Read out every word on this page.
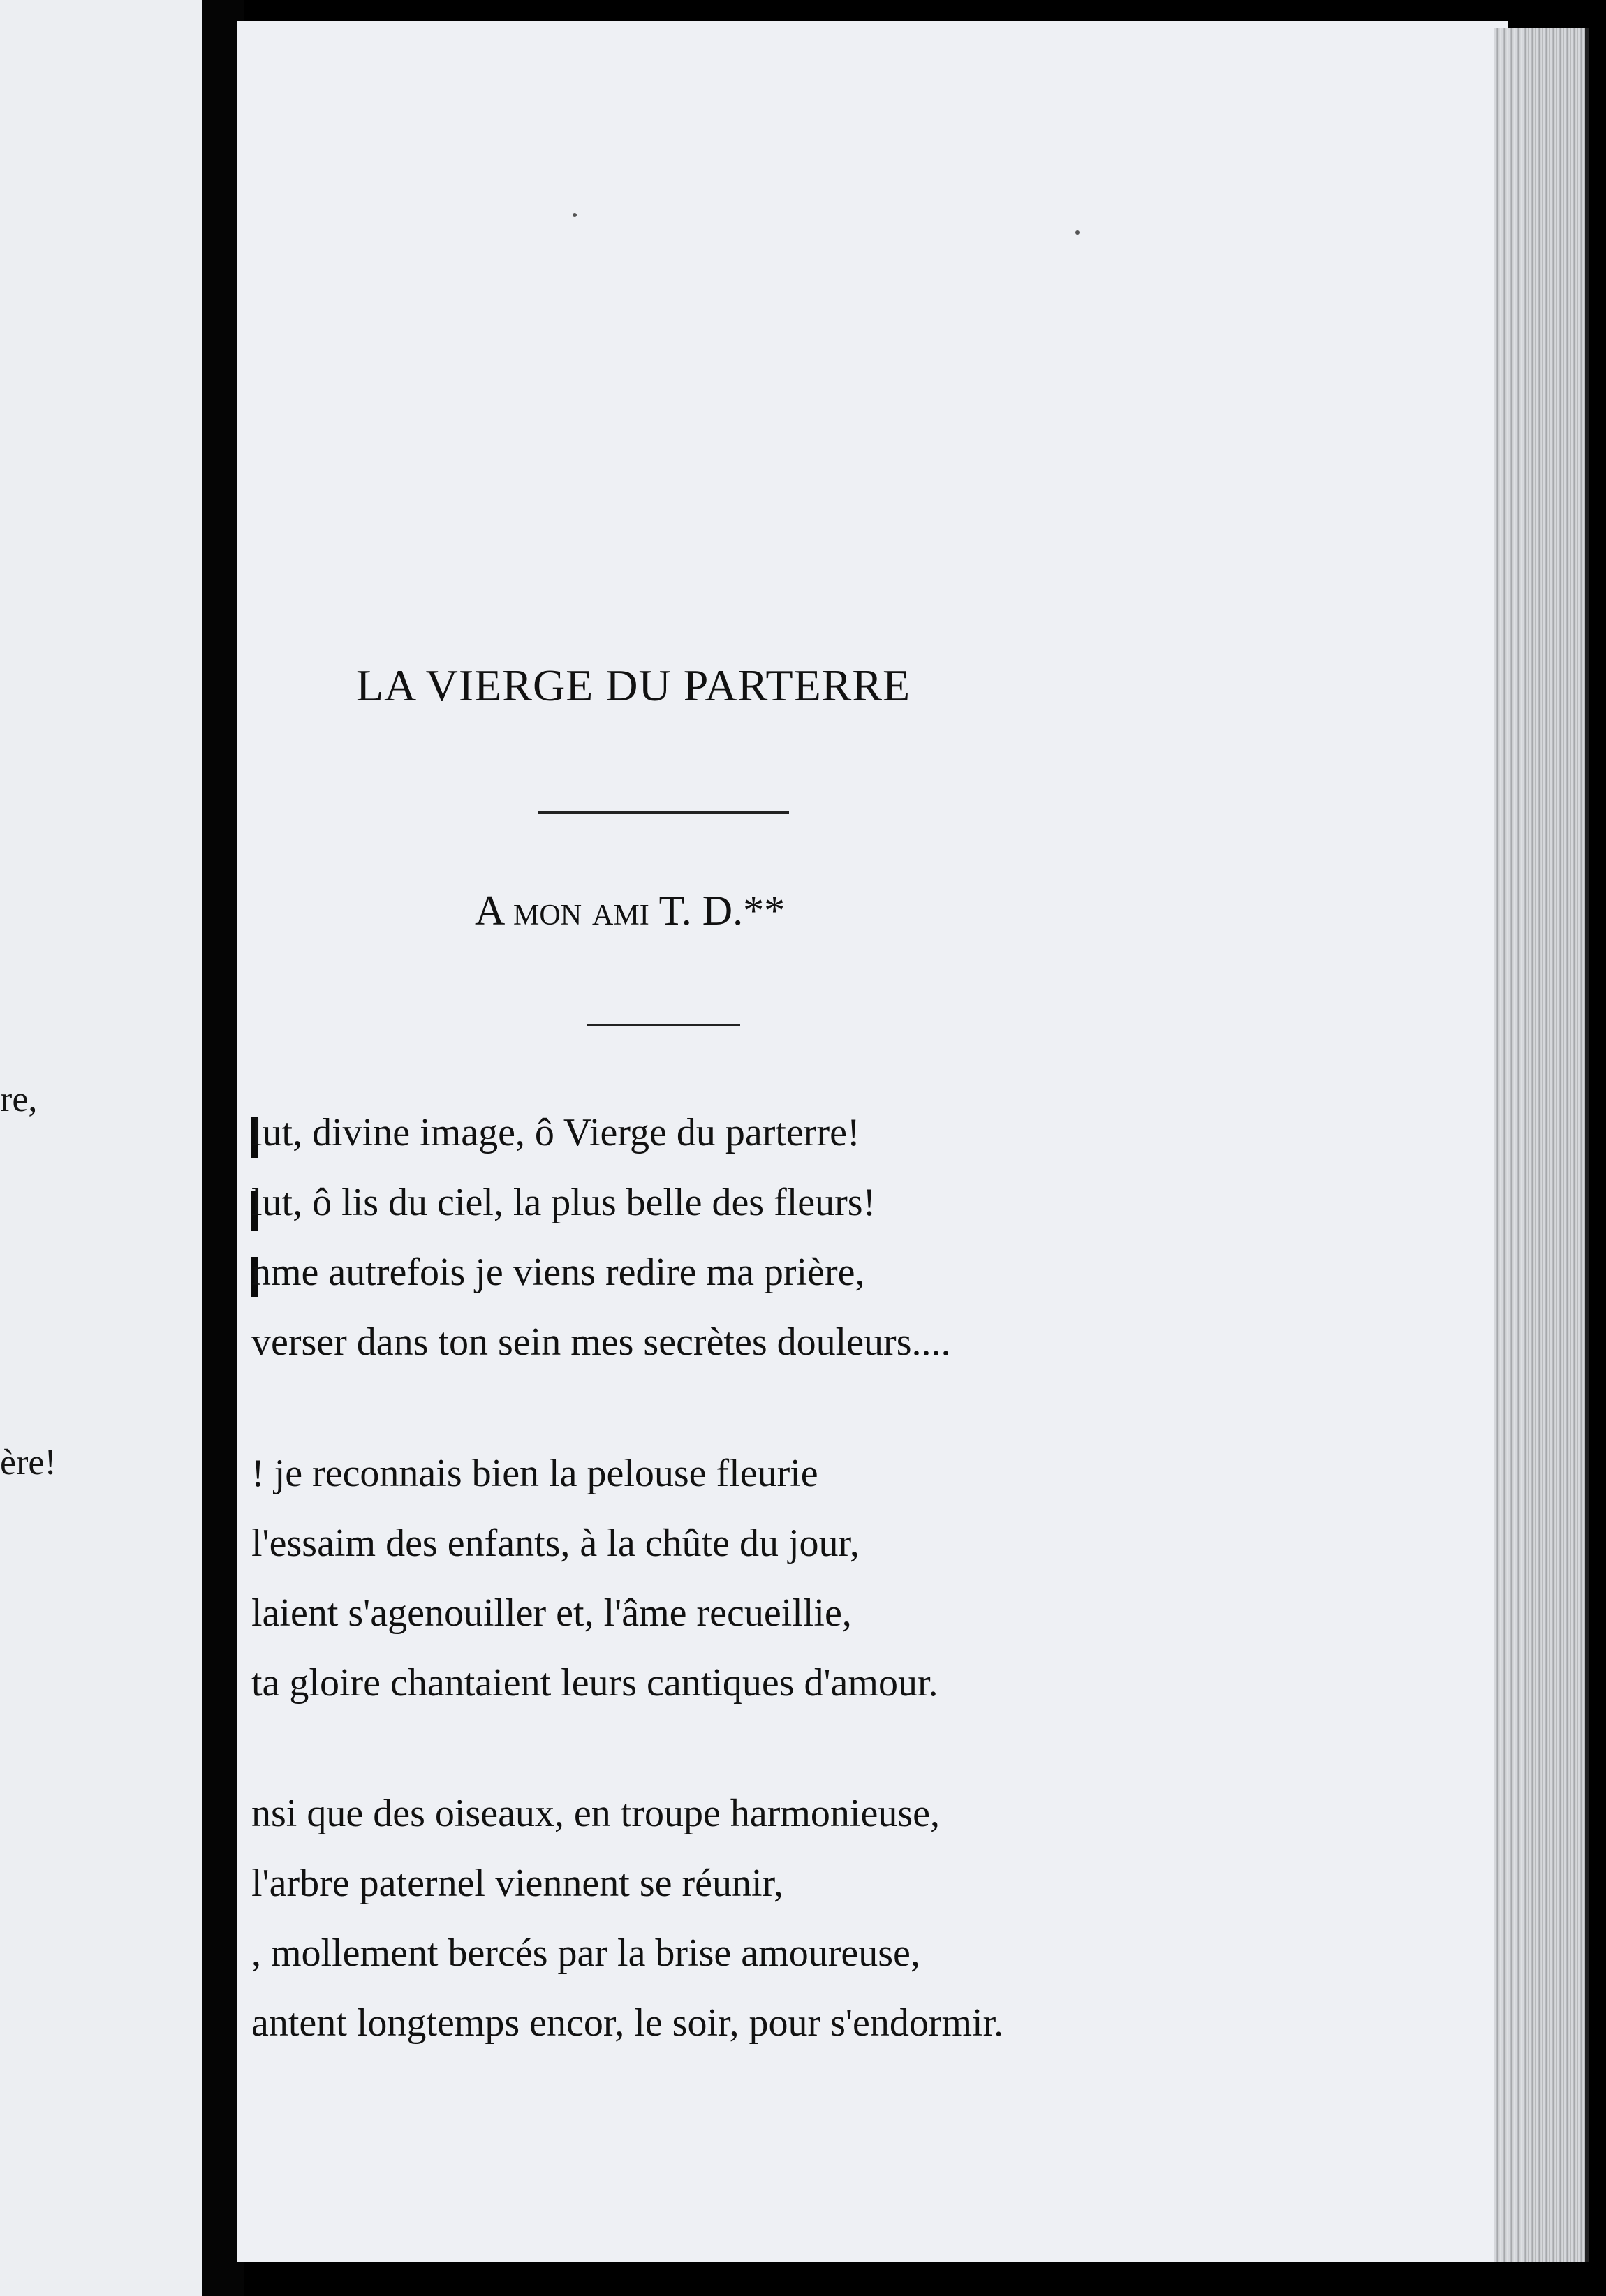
re,
ère!
LA VIERGE DU PARTERRE
A mon ami T. D.**
lut, divine image, ô Vierge du parterre!
lut, ô lis du ciel, la plus belle des fleurs!
nme autrefois je viens redire ma prière,
verser dans ton sein mes secrètes douleurs....
! je reconnais bien la pelouse fleurie
l'essaim des enfants, à la chûte du jour,
laient s'agenouiller et, l'âme recueillie,
ta gloire chantaient leurs cantiques d'amour.
nsi que des oiseaux, en troupe harmonieuse,
l'arbre paternel viennent se réunir,
, mollement bercés par la brise amoureuse,
antent longtemps encor, le soir, pour s'endormir.
